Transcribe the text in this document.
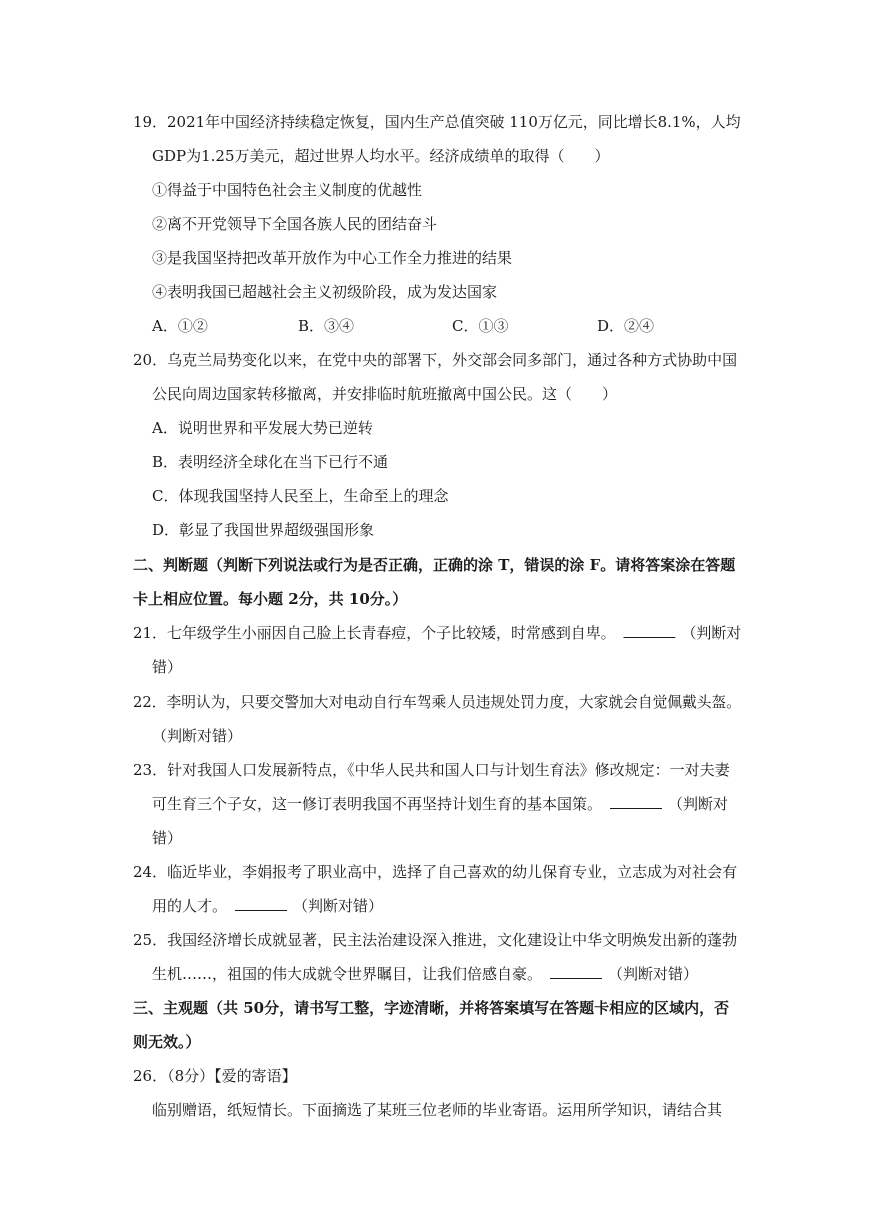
19．2021年中国经济持续稳定恢复，国内生产总值突破 110万亿元，同比增长8.1%，人均
GDP为1.25万美元，超过世界人均水平。经济成绩单的取得（　　）
①得益于中国特色社会主义制度的优越性
②离不开党领导下全国各族人民的团结奋斗
③是我国坚持把改革开放作为中心工作全力推进的结果
④表明我国已超越社会主义初级阶段，成为发达国家
A．①②	B．③④	C．①③	D．②④
20．乌克兰局势变化以来，在党中央的部署下，外交部会同多部门，通过各种方式协助中国
公民向周边国家转移撤离，并安排临时航班撤离中国公民。这（　　）
A．说明世界和平发展大势已逆转
B．表明经济全球化在当下已行不通
C．体现我国坚持人民至上，生命至上的理念
D．彰显了我国世界超级强国形象
二、判断题（判断下列说法或行为是否正确，正确的涂 T，错误的涂 F。请将答案涂在答题
卡上相应位置。每小题 2分，共 10分。）
21．七年级学生小丽因自己脸上长青春痘，个子比较矮，时常感到自卑。	（判断对
错）
22．李明认为，只要交警加大对电动自行车驾乘人员违规处罚力度，大家就会自觉佩戴头盔。
（判断对错）
23．针对我国人口发展新特点，《中华人民共和国人口与计划生育法》修改规定：一对夫妻
可生育三个子女，这一修订表明我国不再坚持计划生育的基本国策。	（判断对
错）
24．临近毕业，李娟报考了职业高中，选择了自己喜欢的幼儿保育专业，立志成为对社会有
用的人才。	（判断对错）
25．我国经济增长成就显著，民主法治建设深入推进，文化建设让中华文明焕发出新的蓬勃
生机……，祖国的伟大成就令世界瞩目，让我们倍感自豪。	（判断对错）
三、主观题（共 50分，请书写工整，字迹清晰，并将答案填写在答题卡相应的区域内，否
则无效。）
26．（8分）【爱的寄语】
临别赠语，纸短情长。下面摘选了某班三位老师的毕业寄语。运用所学知识，请结合其
